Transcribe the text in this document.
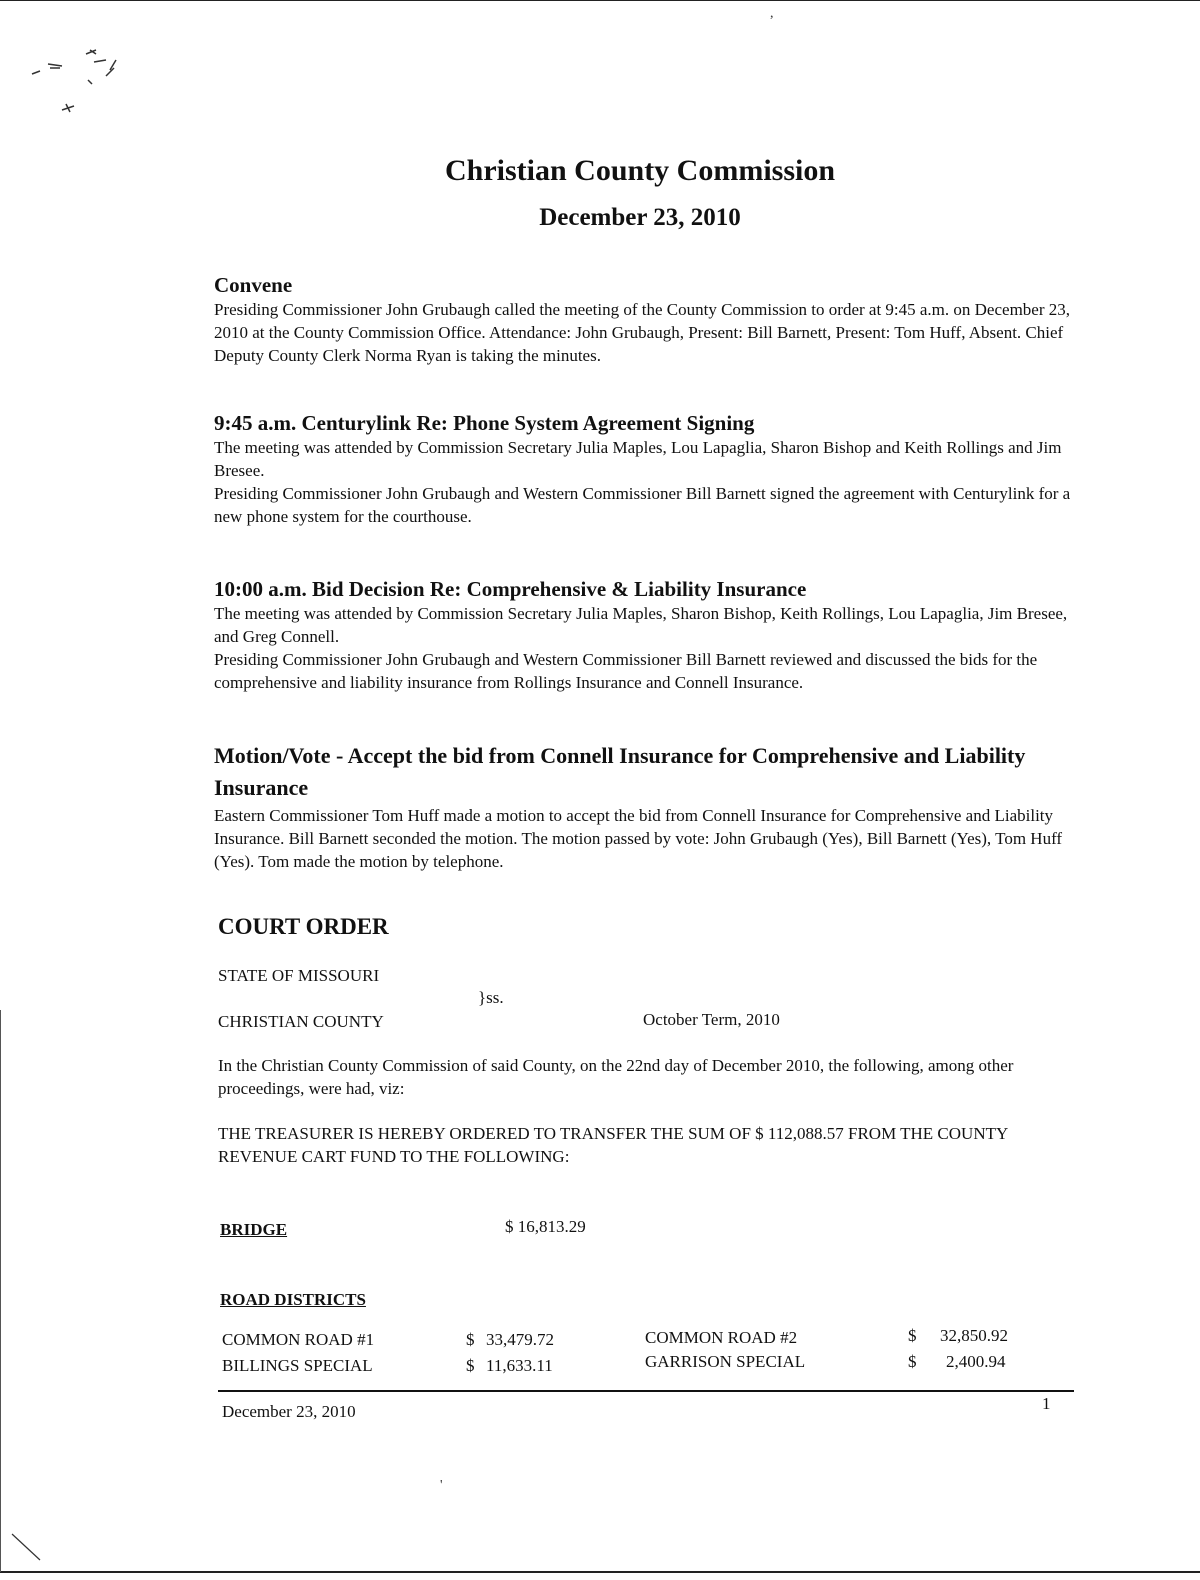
,
'
Christian County Commission
December 23, 2010

Convene

Presiding Commissioner John Grubaugh called the meeting of the County Commission to order at 9:45 a.m. on December 23, 2010 at the County Commission Office. Attendance: John Grubaugh, Present: Bill Barnett, Present: Tom Huff, Absent. Chief Deputy County Clerk Norma Ryan is taking the minutes.

9:45 a.m. Centurylink Re: Phone System Agreement Signing

The meeting was attended by Commission Secretary Julia Maples, Lou Lapaglia, Sharon Bishop and Keith Rollings and Jim Bresee.

Presiding Commissioner John Grubaugh and Western Commissioner Bill Barnett signed the agreement with Centurylink for a new phone system for the courthouse.

10:00 a.m. Bid Decision Re: Comprehensive & Liability Insurance

The meeting was attended by Commission Secretary Julia Maples, Sharon Bishop, Keith Rollings, Lou Lapaglia, Jim Bresee, and Greg Connell.

Presiding Commissioner John Grubaugh and Western Commissioner Bill Barnett reviewed and discussed the bids for the comprehensive and liability insurance from Rollings Insurance and Connell Insurance.

Motion/Vote - Accept the bid from Connell Insurance for Comprehensive and Liability Insurance

Eastern Commissioner Tom Huff made a motion to accept the bid from Connell Insurance for Comprehensive and Liability Insurance. Bill Barnett seconded the motion. The motion passed by vote: John Grubaugh (Yes), Bill Barnett (Yes), Tom Huff (Yes). Tom made the motion by telephone.

COURT ORDER
STATE OF MISSOURI
}ss.
CHRISTIAN COUNTY	October Term, 2010

In the Christian County Commission of said County, on the 22nd day of December 2010, the following, among other proceedings, were had, viz:

THE TREASURER IS HEREBY ORDERED TO TRANSFER THE SUM OF $ 112,088.57 FROM THE COUNTY REVENUE CART FUND TO THE FOLLOWING:

BRIDGE	$ 16,813.29
ROAD DISTRICTS
COMMON ROAD #1	$ 33,479.72	COMMON ROAD #2	$ 32,850.92
BILLINGS SPECIAL	$ 11,633.11	GARRISON SPECIAL	$ 2,400.94
December 23, 2010	1
